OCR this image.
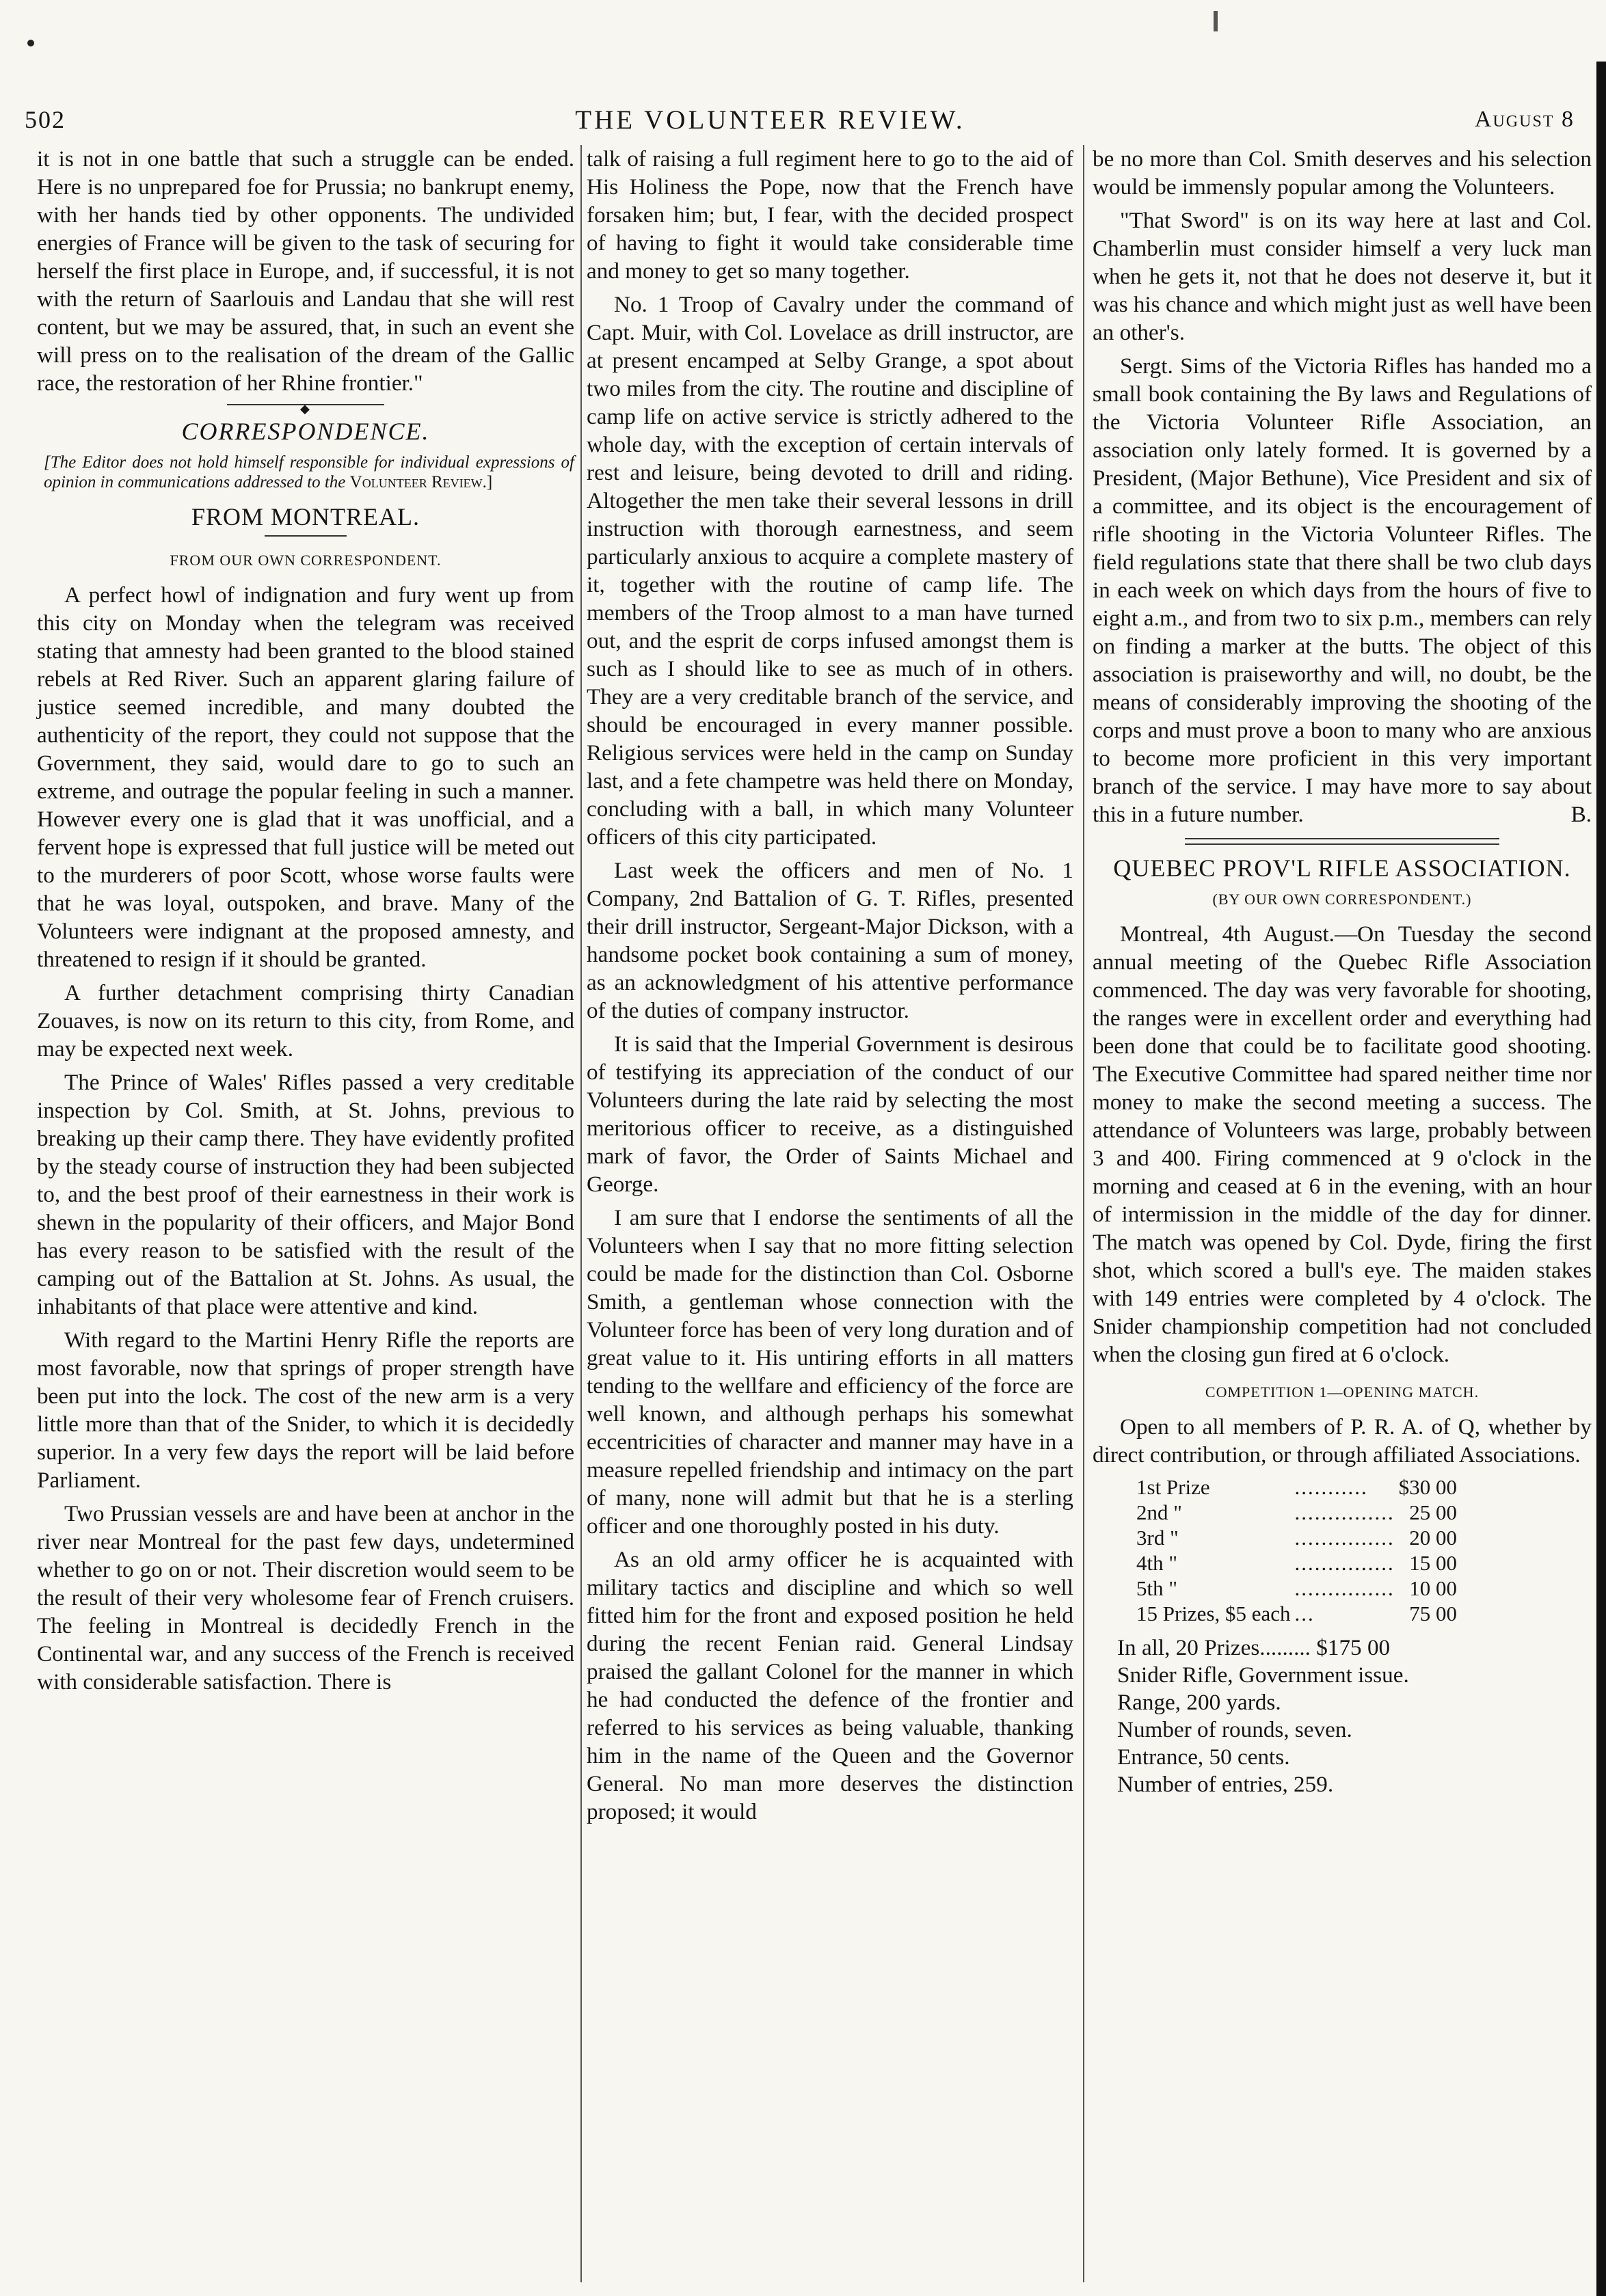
502	THE VOLUNTEER REVIEW.	August 8

it is not in one battle that such a struggle can be ended. Here is no unprepared foe for Prussia; no bankrupt enemy, with her hands tied by other opponents. The undivided energies of France will be given to the task of securing for herself the first place in Europe, and, if successful, it is not with the return of Saarlouis and Landau that she will rest content, but we may be assured, that, in such an event she will press on to the realisation of the dream of the Gallic race, the restoration of her Rhine frontier."

◆
CORRESPONDENCE.

[The Editor does not hold himself responsible for individual expressions of opinion in communications addressed to the Volunteer Review.]

FROM MONTREAL.
FROM OUR OWN CORRESPONDENT.

A perfect howl of indignation and fury went up from this city on Monday when the telegram was received stating that amnesty had been granted to the blood stained rebels at Red River. Such an apparent glaring failure of justice seemed incredible, and many doubted the authenticity of the report, they could not suppose that the Government, they said, would dare to go to such an extreme, and outrage the popular feeling in such a manner. However every one is glad that it was unofficial, and a fervent hope is expressed that full justice will be meted out to the murderers of poor Scott, whose worse faults were that he was loyal, outspoken, and brave. Many of the Volunteers were indignant at the proposed amnesty, and threatened to resign if it should be granted.

A further detachment comprising thirty Canadian Zouaves, is now on its return to this city, from Rome, and may be expected next week.

The Prince of Wales' Rifles passed a very creditable inspection by Col. Smith, at St. Johns, previous to breaking up their camp there. They have evidently profited by the steady course of instruction they had been subjected to, and the best proof of their earnestness in their work is shewn in the popularity of their officers, and Major Bond has every reason to be satisfied with the result of the camping out of the Battalion at St. Johns. As usual, the inhabitants of that place were attentive and kind.

With regard to the Martini Henry Rifle the reports are most favorable, now that springs of proper strength have been put into the lock. The cost of the new arm is a very little more than that of the Snider, to which it is decidedly superior. In a very few days the report will be laid before Parliament.

Two Prussian vessels are and have been at anchor in the river near Montreal for the past few days, undetermined whether to go on or not. Their discretion would seem to be the result of their very wholesome fear of French cruisers. The feeling in Montreal is decidedly French in the Continental war, and any success of the French is received with considerable satisfaction. There is

talk of raising a full regiment here to go to the aid of His Holiness the Pope, now that the French have forsaken him; but, I fear, with the decided prospect of having to fight it would take considerable time and money to get so many together.

No. 1 Troop of Cavalry under the command of Capt. Muir, with Col. Lovelace as drill instructor, are at present encamped at Selby Grange, a spot about two miles from the city. The routine and discipline of camp life on active service is strictly adhered to the whole day, with the exception of certain intervals of rest and leisure, being devoted to drill and riding. Altogether the men take their several lessons in drill instruction with thorough earnestness, and seem particularly anxious to acquire a complete mastery of it, together with the routine of camp life. The members of the Troop almost to a man have turned out, and the esprit de corps infused amongst them is such as I should like to see as much of in others. They are a very creditable branch of the service, and should be encouraged in every manner possible. Religious services were held in the camp on Sunday last, and a fete champetre was held there on Monday, concluding with a ball, in which many Volunteer officers of this city participated.

Last week the officers and men of No. 1 Company, 2nd Battalion of G. T. Rifles, presented their drill instructor, Sergeant-Major Dickson, with a handsome pocket book containing a sum of money, as an acknowledgment of his attentive performance of the duties of company instructor.

It is said that the Imperial Government is desirous of testifying its appreciation of the conduct of our Volunteers during the late raid by selecting the most meritorious officer to receive, as a distinguished mark of favor, the Order of Saints Michael and George.

I am sure that I endorse the sentiments of all the Volunteers when I say that no more fitting selection could be made for the distinction than Col. Osborne Smith, a gentleman whose connection with the Volunteer force has been of very long duration and of great value to it. His untiring efforts in all matters tending to the wellfare and efficiency of the force are well known, and although perhaps his somewhat eccentricities of character and manner may have in a measure repelled friendship and intimacy on the part of many, none will admit but that he is a sterling officer and one thoroughly posted in his duty.

As an old army officer he is acquainted with military tactics and discipline and which so well fitted him for the front and exposed position he held during the recent Fenian raid. General Lindsay praised the gallant Colonel for the manner in which he had conducted the defence of the frontier and referred to his services as being valuable, thanking him in the name of the Queen and the Governor General. No man more deserves the distinction proposed; it would

be no more than Col. Smith deserves and his selection would be immensly popular among the Volunteers.

"That Sword" is on its way here at last and Col. Chamberlin must consider himself a very luck man when he gets it, not that he does not deserve it, but it was his chance and which might just as well have been an other's.

Sergt. Sims of the Victoria Rifles has handed mo a small book containing the By laws and Regulations of the Victoria Volunteer Rifle Association, an association only lately formed. It is governed by a President, (Major Bethune), Vice President and six of a committee, and its object is the encouragement of rifle shooting in the Victoria Volunteer Rifles. The field regulations state that there shall be two club days in each week on which days from the hours of five to eight a.m., and from two to six p.m., members can rely on finding a marker at the butts. The object of this association is praiseworthy and will, no doubt, be the means of considerably improving the shooting of the corps and must prove a boon to many who are anxious to become more proficient in this very important branch of the service. I may have more to say about this in a future number.	B.

QUEBEC PROV'L RIFLE ASSOCIATION.
(BY OUR OWN CORRESPONDENT.)

Montreal, 4th August.—On Tuesday the second annual meeting of the Quebec Rifle Association commenced. The day was very favorable for shooting, the ranges were in excellent order and everything had been done that could be to facilitate good shooting. The Executive Committee had spared neither time nor money to make the second meeting a success. The attendance of Volunteers was large, probably between 3 and 400. Firing commenced at 9 o'clock in the morning and ceased at 6 in the evening, with an hour of intermission in the middle of the day for dinner. The match was opened by Col. Dyde, firing the first shot, which scored a bull's eye. The maiden stakes with 149 entries were completed by 4 o'clock. The Snider championship competition had not concluded when the closing gun fired at 6 o'clock.

COMPETITION 1—OPENING MATCH.

Open to all members of P. R. A. of Q, whether by direct contribution, or through affiliated Associations.

1st Prize	...........	$30 00
2nd "	...............	25 00
3rd "	...............	20 00
4th "	...............	15 00
5th "	...............	10 00
15 Prizes, $5 each	...	75 00

In all, 20 Prizes......... $175 00

Snider Rifle, Government issue.

Range, 200 yards.

Number of rounds, seven.

Entrance, 50 cents.

Number of entries, 259.
